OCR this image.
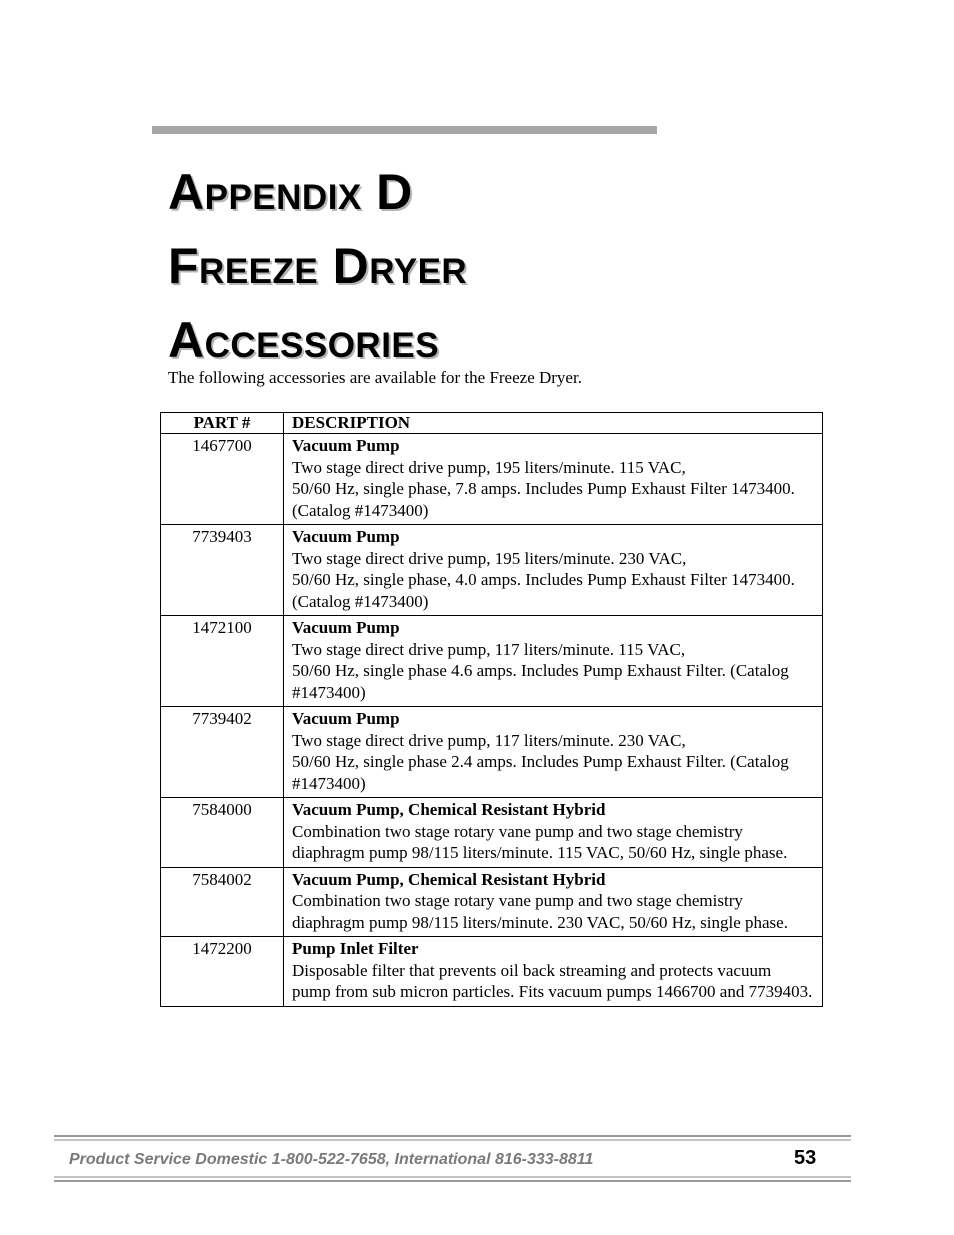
APPENDIX D
FREEZE DRYER
ACCESSORIES

The following accessories are available for the Freeze Dryer.

PART #	DESCRIPTION
1467700	Vacuum Pump
Two stage direct drive pump, 195 liters/minute. 115 VAC,
50/60 Hz, single phase, 7.8 amps. Includes Pump Exhaust Filter 1473400. (Catalog #1473400)

7739403	Vacuum Pump
Two stage direct drive pump, 195 liters/minute. 230 VAC,
50/60 Hz, single phase, 4.0 amps. Includes Pump Exhaust Filter 1473400. (Catalog #1473400)

1472100	Vacuum Pump
Two stage direct drive pump, 117 liters/minute. 115 VAC,
50/60 Hz, single phase 4.6 amps. Includes Pump Exhaust Filter. (Catalog #1473400)

7739402	Vacuum Pump
Two stage direct drive pump, 117 liters/minute. 230 VAC,
50/60 Hz, single phase 2.4 amps. Includes Pump Exhaust Filter. (Catalog #1473400)

7584000	Vacuum Pump, Chemical Resistant Hybrid
Combination two stage rotary vane pump and two stage chemistry diaphragm pump 98/115 liters/minute. 115 VAC, 50/60 Hz, single phase.

7584002	Vacuum Pump, Chemical Resistant Hybrid
Combination two stage rotary vane pump and two stage chemistry diaphragm pump 98/115 liters/minute. 230 VAC, 50/60 Hz, single phase.

1472200	Pump Inlet Filter
Disposable filter that prevents oil back streaming and protects vacuum pump from sub micron particles. Fits vacuum pumps 1466700 and 7739403.

Product Service Domestic 1-800-522-7658, International 816-333-8811	53
